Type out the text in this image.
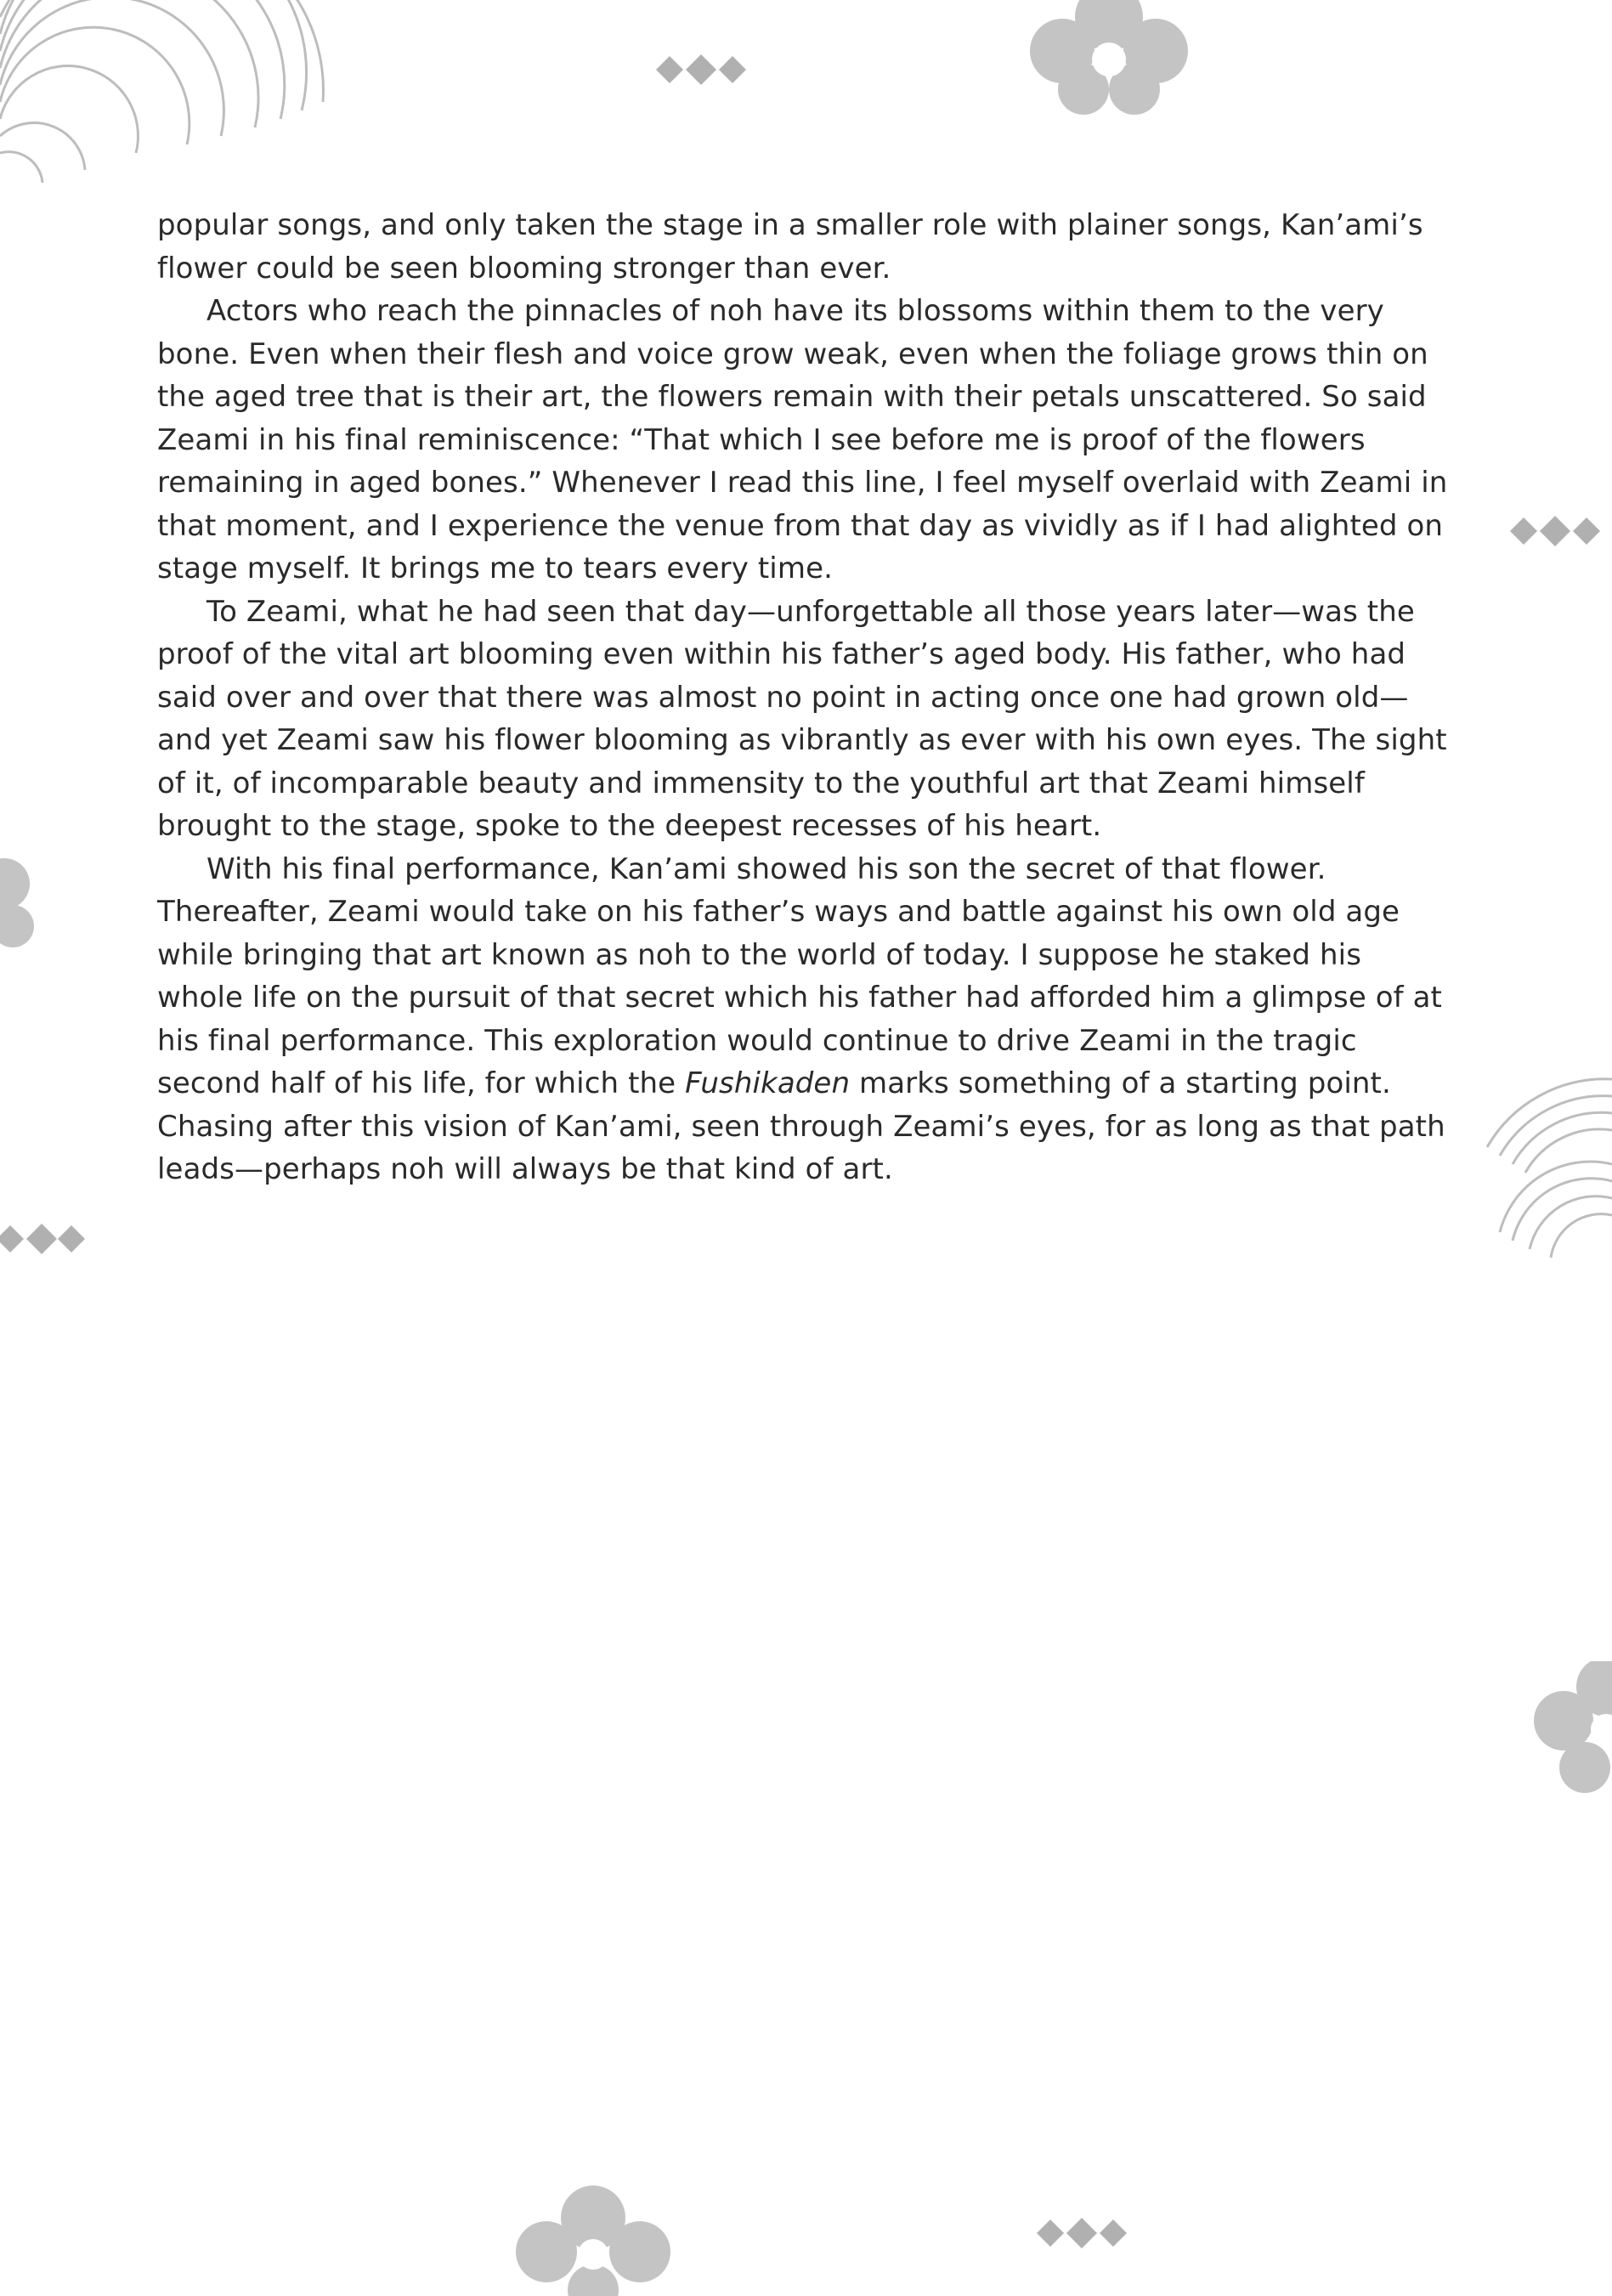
popular songs, and only taken the stage in a smaller role with plainer songs, Kan’ami’s flower could be seen blooming stronger than ever.

Actors who reach the pinnacles of noh have its blossoms within them to the very bone. Even when their flesh and voice grow weak, even when the foliage grows thin on the aged tree that is their art, the flowers remain with their petals unscattered. So said Zeami in his final reminiscence: “That which I see before me is proof of the flowers remaining in aged bones.” Whenever I read this line, I feel myself overlaid with Zeami in that moment, and I experience the venue from that day as vividly as if I had alighted on stage myself. It brings me to tears every time.

To Zeami, what he had seen that day—unforgettable all those years later—was the proof of the vital art blooming even within his father’s aged body. His father, who had said over and over that there was almost no point in acting once one had grown old—and yet Zeami saw his flower blooming as vibrantly as ever with his own eyes. The sight of it, of incomparable beauty and immensity to the youthful art that Zeami himself brought to the stage, spoke to the deepest recesses of his heart.

With his final performance, Kan’ami showed his son the secret of that flower. Thereafter, Zeami would take on his father’s ways and battle against his own old age while bringing that art known as noh to the world of today. I suppose he staked his whole life on the pursuit of that secret which his father had afforded him a glimpse of at his final performance. This exploration would continue to drive Zeami in the tragic second half of his life, for which the Fushikaden marks something of a starting point. Chasing after this vision of Kan’ami, seen through Zeami’s eyes, for as long as that path leads—perhaps noh will always be that kind of art.
